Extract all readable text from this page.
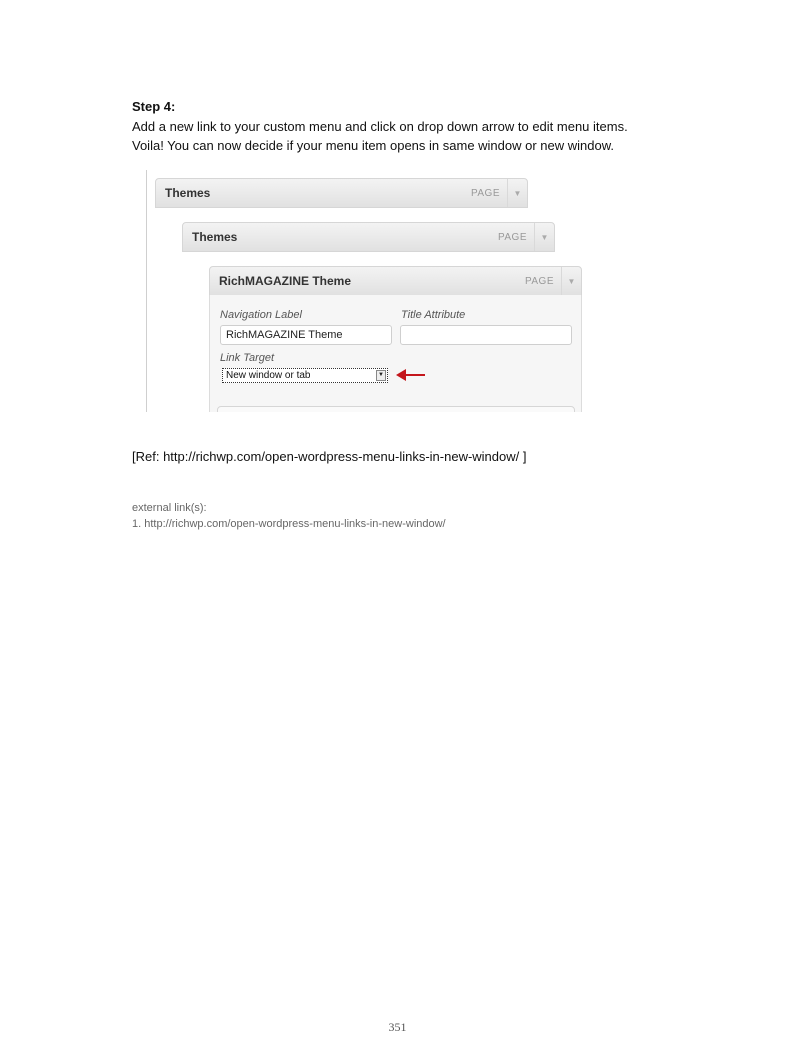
Step 4:
Add a new link to your custom menu and click on drop down arrow to edit menu items.
Voila! You can now decide if your menu item opens in same window or new window.
Themes	PAGE	▼
Themes	PAGE	▼
RichMAGAZINE Theme	PAGE	▼
Navigation Label	Title Attribute
RichMAGAZINE Theme
Link Target
New window or tab	▼
[Ref: http://richwp.com/open-wordpress-menu-links-in-new-window/ ]
external link(s):
1. http://richwp.com/open-wordpress-menu-links-in-new-window/
351
